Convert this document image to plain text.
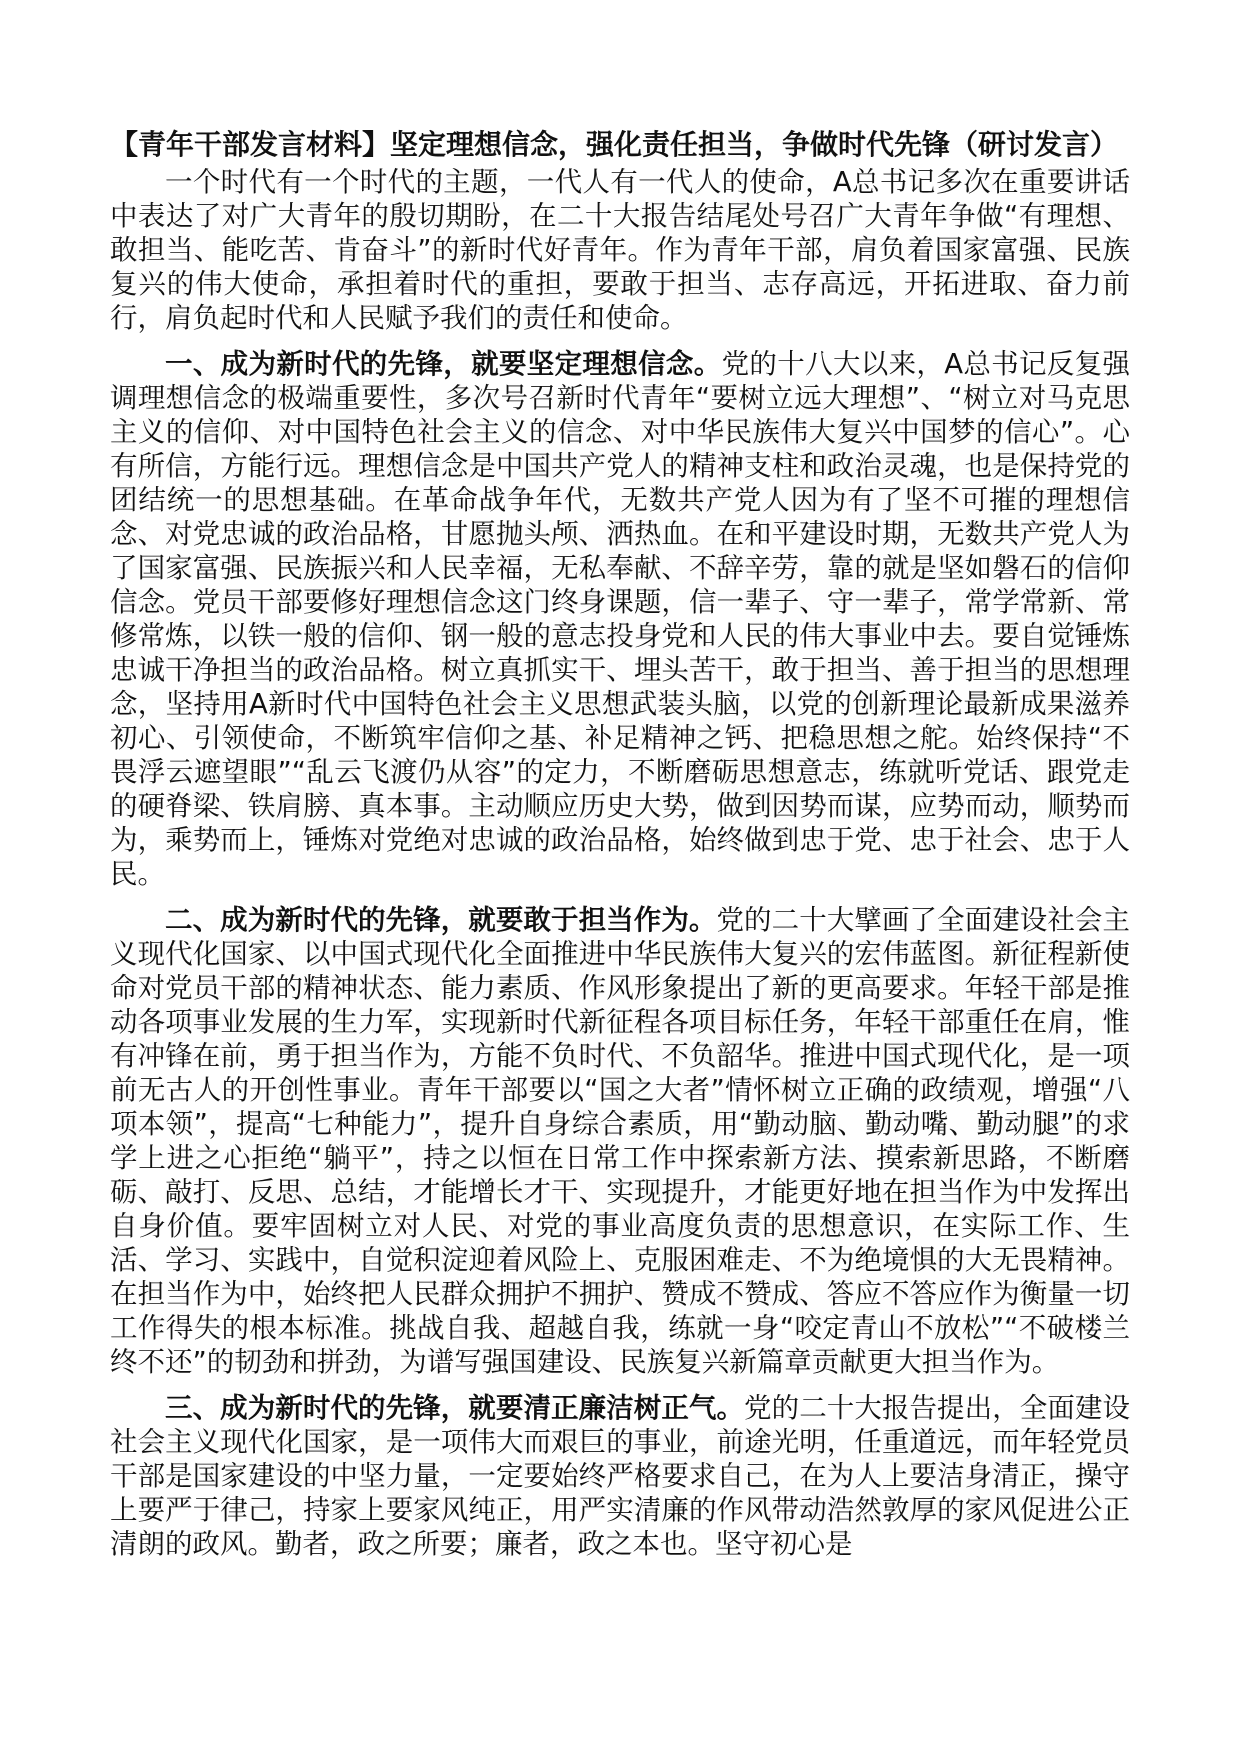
【青年干部发言材料】坚定理想信念，强化责任担当，争做时代先锋（研讨发言）

一个时代有一个时代的主题，一代人有一代人的使命，A总书记多次在重要讲话中表达了对广大青年的殷切期盼，在二十大报告结尾处号召广大青年争做“有理想、敢担当、能吃苦、肯奋斗”的新时代好青年。作为青年干部，肩负着国家富强、民族复兴的伟大使命，承担着时代的重担，要敢于担当、志存高远，开拓进取、奋力前行，肩负起时代和人民赋予我们的责任和使命。

一、成为新时代的先锋，就要坚定理想信念。党的十八大以来，A总书记反复强调理想信念的极端重要性，多次号召新时代青年“要树立远大理想”、“树立对马克思主义的信仰、对中国特色社会主义的信念、对中华民族伟大复兴中国梦的信心”。心有所信，方能行远。理想信念是中国共产党人的精神支柱和政治灵魂，也是保持党的团结统一的思想基础。在革命战争年代，无数共产党人因为有了坚不可摧的理想信念、对党忠诚的政治品格，甘愿抛头颅、洒热血。在和平建设时期，无数共产党人为了国家富强、民族振兴和人民幸福，无私奉献、不辞辛劳，靠的就是坚如磐石的信仰信念。党员干部要修好理想信念这门终身课题，信一辈子、守一辈子，常学常新、常修常炼，以铁一般的信仰、钢一般的意志投身党和人民的伟大事业中去。要自觉锤炼忠诚干净担当的政治品格。树立真抓实干、埋头苦干，敢于担当、善于担当的思想理念，坚持用A新时代中国特色社会主义思想武装头脑，以党的创新理论最新成果滋养初心、引领使命，不断筑牢信仰之基、补足精神之钙、把稳思想之舵。始终保持“不畏浮云遮望眼”“乱云飞渡仍从容”的定力，不断磨砺思想意志，练就听党话、跟党走的硬脊梁、铁肩膀、真本事。主动顺应历史大势，做到因势而谋，应势而动，顺势而为，乘势而上，锤炼对党绝对忠诚的政治品格，始终做到忠于党、忠于社会、忠于人民。

二、成为新时代的先锋，就要敢于担当作为。党的二十大擘画了全面建设社会主义现代化国家、以中国式现代化全面推进中华民族伟大复兴的宏伟蓝图。新征程新使命对党员干部的精神状态、能力素质、作风形象提出了新的更高要求。年轻干部是推动各项事业发展的生力军，实现新时代新征程各项目标任务，年轻干部重任在肩，惟有冲锋在前，勇于担当作为，方能不负时代、不负韶华。推进中国式现代化，是一项前无古人的开创性事业。青年干部要以“国之大者”情怀树立正确的政绩观，增强“八项本领”，提高“七种能力”，提升自身综合素质，用“勤动脑、勤动嘴、勤动腿”的求学上进之心拒绝“躺平”，持之以恒在日常工作中探索新方法、摸索新思路，不断磨砺、敲打、反思、总结，才能增长才干、实现提升，才能更好地在担当作为中发挥出自身价值。要牢固树立对人民、对党的事业高度负责的思想意识，在实际工作、生活、学习、实践中，自觉积淀迎着风险上、克服困难走、不为绝境惧的大无畏精神。在担当作为中，始终把人民群众拥护不拥护、赞成不赞成、答应不答应作为衡量一切工作得失的根本标准。挑战自我、超越自我，练就一身“咬定青山不放松”“不破楼兰终不还”的韧劲和拼劲，为谱写强国建设、民族复兴新篇章贡献更大担当作为。

三、成为新时代的先锋，就要清正廉洁树正气。党的二十大报告提出，全面建设社会主义现代化国家，是一项伟大而艰巨的事业，前途光明，任重道远，而年轻党员干部是国家建设的中坚力量，一定要始终严格要求自己，在为人上要洁身清正，操守上要严于律己，持家上要家风纯正，用严实清廉的作风带动浩然敦厚的家风促进公正清朗的政风。勤者，政之所要；廉者，政之本也。坚守初心是
